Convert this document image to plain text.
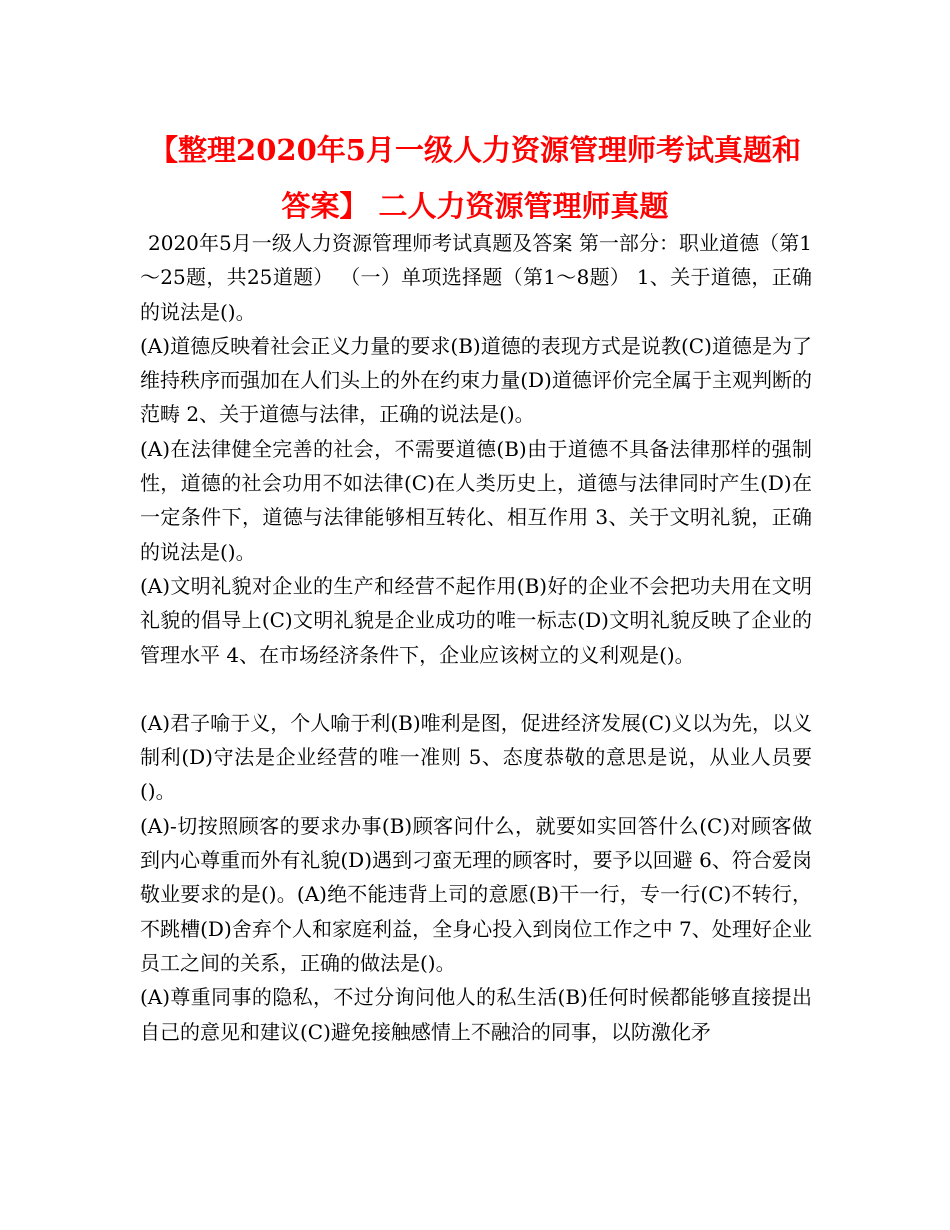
【整理2020年5月一级人力资源管理师考试真题和答案】 二人力资源管理师真题

2020年5月一级人力资源管理师考试真题及答案 第一部分：职业道德（第1～25题，共25道题） （一）单项选择题（第1～8题） 1、关于道德，正确的说法是()。

(A)道德反映着社会正义力量的要求(B)道德的表现方式是说教(C)道德是为了维持秩序而强加在人们头上的外在约束力量(D)道德评价完全属于主观判断的范畴 2、关于道德与法律，正确的说法是()。

(A)在法律健全完善的社会，不需要道德(B)由于道德不具备法律那样的强制性，道德的社会功用不如法律(C)在人类历史上，道德与法律同时产生(D)在一定条件下，道德与法律能够相互转化、相互作用 3、关于文明礼貌，正确的说法是()。

(A)文明礼貌对企业的生产和经营不起作用(B)好的企业不会把功夫用在文明礼貌的倡导上(C)文明礼貌是企业成功的唯一标志(D)文明礼貌反映了企业的管理水平 4、在市场经济条件下，企业应该树立的义利观是()。

(A)君子喻于义，个人喻于利(B)唯利是图，促进经济发展(C)义以为先，以义制利(D)守法是企业经营的唯一准则 5、态度恭敬的意思是说，从业人员要()。

(A)-切按照顾客的要求办事(B)顾客问什么，就要如实回答什么(C)对顾客做到内心尊重而外有礼貌(D)遇到刁蛮无理的顾客时，要予以回避 6、符合爱岗敬业要求的是()。(A)绝不能违背上司的意愿(B)干一行，专一行(C)不转行，不跳槽(D)舍弃个人和家庭利益，全身心投入到岗位工作之中 7、处理好企业员工之间的关系，正确的做法是()。

(A)尊重同事的隐私，不过分询问他人的私生活(B)任何时候都能够直接提出自己的意见和建议(C)避免接触感情上不融洽的同事，以防激化矛
